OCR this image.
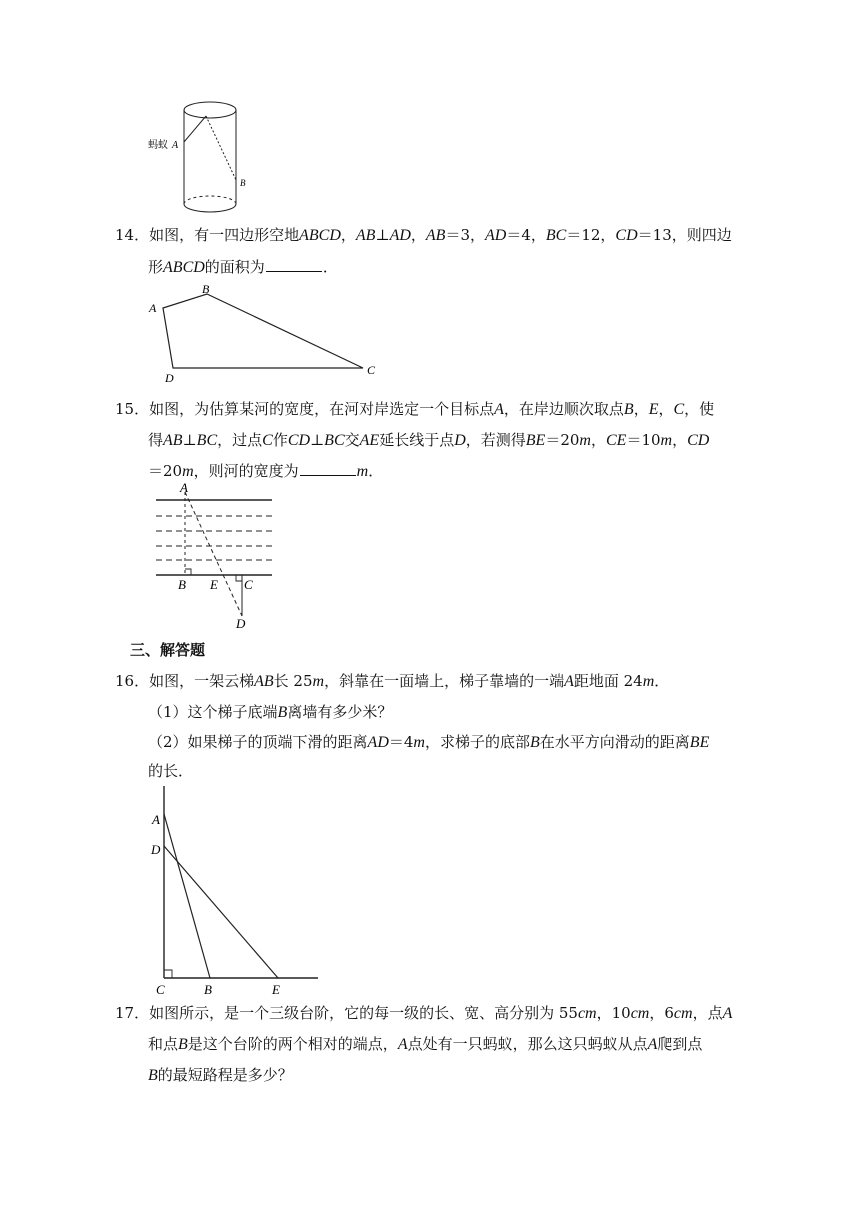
蚂蚁 A
B
14．如图，有一四边形空地ABCD，AB⊥AD，AB＝3，AD＝4，BC＝12，CD＝13，则四边
形ABCD的面积为	．
A
B
C
D
15．如图，为估算某河的宽度，在河对岸选定一个目标点A，在岸边顺次取点B，E，C，使
得AB⊥BC，过点C作CD⊥BC交AE延长线于点D，若测得BE＝20m，CE＝10m，CD
＝20m，则河的宽度为	m．
A
B E C
D
三、解答题
16．如图，一架云梯AB长 25m，斜靠在一面墙上，梯子靠墙的一端A距地面 24m．
（1）这个梯子底端B离墙有多少米？
（2）如果梯子的顶端下滑的距离AD＝4m，求梯子的底部B在水平方向滑动的距离BE
的长．
A
D
C	B	E
17．如图所示，是一个三级台阶，它的每一级的长、宽、高分别为 55cm，10cm，6cm，点A
和点B是这个台阶的两个相对的端点，A点处有一只蚂蚁，那么这只蚂蚁从点A爬到点
B的最短路程是多少？
